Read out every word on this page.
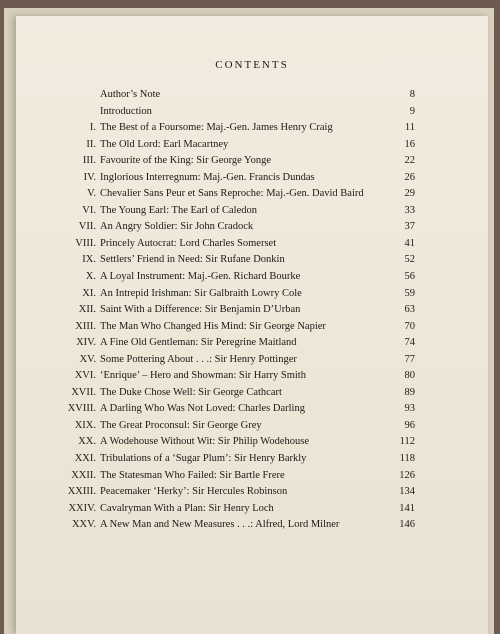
CONTENTS
Author’s Note	8
Introduction	9
I. The Best of a Foursome: Maj.-Gen. James Henry Craig	11
II. The Old Lord: Earl Macartney	16
III. Favourite of the King: Sir George Yonge	22
IV. Inglorious Interregnum: Maj.-Gen. Francis Dundas	26
V. Chevalier Sans Peur et Sans Reproche: Maj.-Gen. David Baird	29
VI. The Young Earl: The Earl of Caledon	33
VII. An Angry Soldier: Sir John Cradock	37
VIII. Princely Autocrat: Lord Charles Somerset	41
IX. Settlers’ Friend in Need: Sir Rufane Donkin	52
X. A Loyal Instrument: Maj.-Gen. Richard Bourke	56
XI. An Intrepid Irishman: Sir Galbraith Lowry Cole	59
XII. Saint With a Difference: Sir Benjamin D’Urban	63
XIII. The Man Who Changed His Mind: Sir George Napier	70
XIV. A Fine Old Gentleman: Sir Peregrine Maitland	74
XV. Some Pottering About . . .: Sir Henry Pottinger	77
XVI. ‘Enrique’ – Hero and Showman: Sir Harry Smith	80
XVII. The Duke Chose Well: Sir George Cathcart	89
XVIII. A Darling Who Was Not Loved: Charles Darling	93
XIX. The Great Proconsul: Sir George Grey	96
XX. A Wodehouse Without Wit: Sir Philip Wodehouse	112
XXI. Tribulations of a ‘Sugar Plum’: Sir Henry Barkly	118
XXII. The Statesman Who Failed: Sir Bartle Frere	126
XXIII. Peacemaker ‘Herky’: Sir Hercules Robinson	134
XXIV. Cavalryman With a Plan: Sir Henry Loch	141
XXV. A New Man and New Measures . . .: Alfred, Lord Milner	146
